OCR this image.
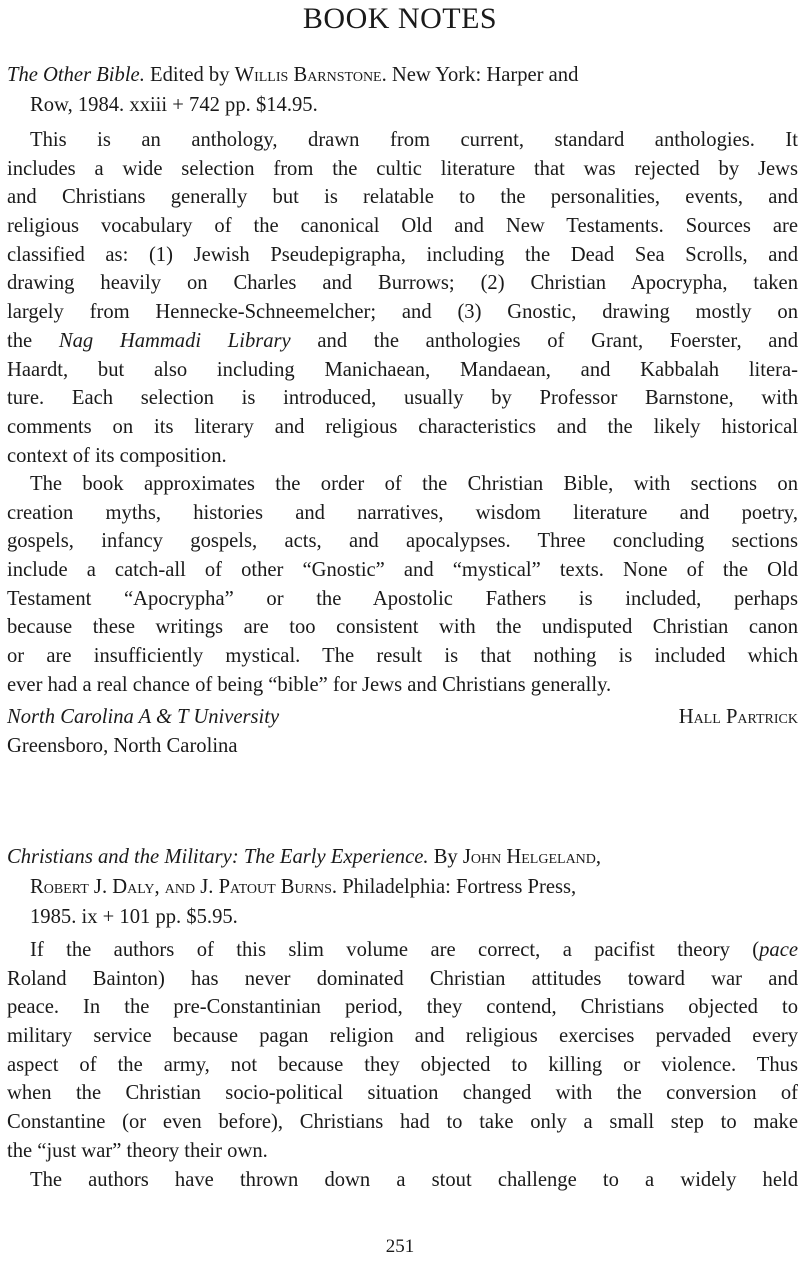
BOOK NOTES
The Other Bible. Edited by Willis Barnstone. New York: Harper and
Row, 1984. xxiii + 742 pp. $14.95.
This is an anthology, drawn from current, standard anthologies. It
includes a wide selection from the cultic literature that was rejected by Jews
and Christians generally but is relatable to the personalities, events, and
religious vocabulary of the canonical Old and New Testaments. Sources are
classified as: (1) Jewish Pseudepigrapha, including the Dead Sea Scrolls, and
drawing heavily on Charles and Burrows; (2) Christian Apocrypha, taken
largely from Hennecke-Schneemelcher; and (3) Gnostic, drawing mostly on
the Nag Hammadi Library and the anthologies of Grant, Foerster, and
Haardt, but also including Manichaean, Mandaean, and Kabbalah litera-
ture. Each selection is introduced, usually by Professor Barnstone, with
comments on its literary and religious characteristics and the likely historical
context of its composition.
The book approximates the order of the Christian Bible, with sections on
creation myths, histories and narratives, wisdom literature and poetry,
gospels, infancy gospels, acts, and apocalypses. Three concluding sections
include a catch-all of other “Gnostic” and “mystical” texts. None of the Old
Testament “Apocrypha” or the Apostolic Fathers is included, perhaps
because these writings are too consistent with the undisputed Christian canon
or are insufficiently mystical. The result is that nothing is included which
ever had a real chance of being “bible” for Jews and Christians generally.
North Carolina A & T University	Hall Partrick
Greensboro, North Carolina
Christians and the Military: The Early Experience. By John Helgeland,
Robert J. Daly, and J. Patout Burns. Philadelphia: Fortress Press,
1985. ix + 101 pp. $5.95.
If the authors of this slim volume are correct, a pacifist theory (pace
Roland Bainton) has never dominated Christian attitudes toward war and
peace. In the pre-Constantinian period, they contend, Christians objected to
military service because pagan religion and religious exercises pervaded every
aspect of the army, not because they objected to killing or violence. Thus
when the Christian socio-political situation changed with the conversion of
Constantine (or even before), Christians had to take only a small step to make
the “just war” theory their own.
The authors have thrown down a stout challenge to a widely held
251
